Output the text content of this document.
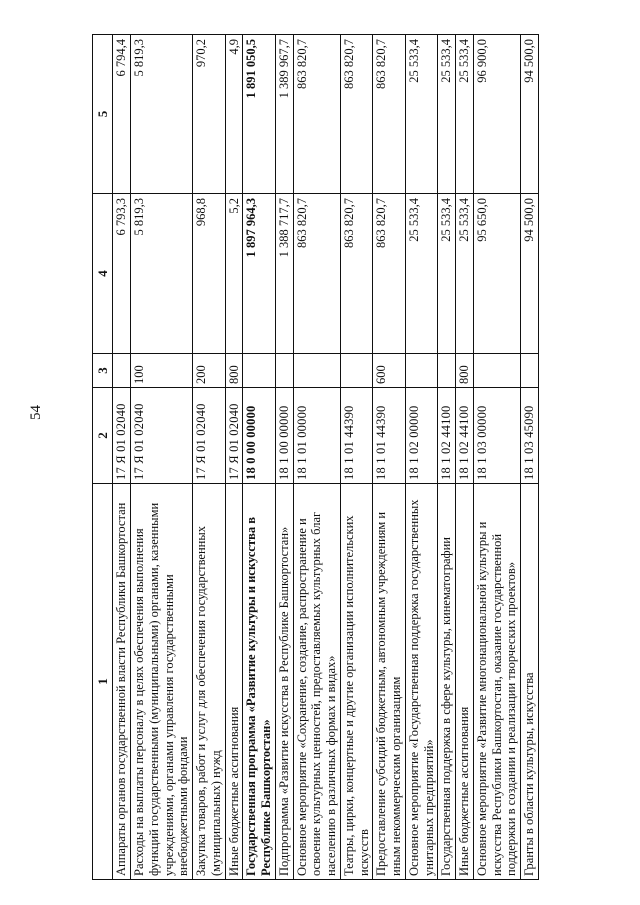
54
1	2	3	4	5
Аппараты органов государственной власти Республики Башкортостан	17 Я 01 02040		6 793,3	6 794,4
Расходы на выплаты персоналу в целях обеспечения выполнения функций государственными (муниципальными) органами, казенными учреждениями, органами управления государственными внебюджетными фондами	17 Я 01 02040	100	5 819,3	5 819,3
Закупка товаров, работ и услуг для обеспечения государственных (муниципальных) нужд	17 Я 01 02040	200	968,8	970,2
Иные бюджетные ассигнования	17 Я 01 02040	800	5,2	4,9
Государственная программа «Развитие культуры и искусства в Республике Башкортостан»	18 0 00 00000		1 897 964,3	1 891 050,5
Подпрограмма «Развитие искусства в Республике Башкортостан»	18 1 00 00000		1 388 717,7	1 389 967,7
Основное мероприятие «Сохранение, создание, распространение и освоение культурных ценностей, предоставляемых культурных благ населению в различных формах и видах»	18 1 01 00000		863 820,7	863 820,7
Театры, цирки, концертные и другие организации исполнительских искусств	18 1 01 44390		863 820,7	863 820,7
Предоставление субсидий бюджетным, автономным учреждениям и иным некоммерческим организациям	18 1 01 44390	600	863 820,7	863 820,7
Основное мероприятие «Государственная поддержка государственных унитарных предприятий»	18 1 02 00000		25 533,4	25 533,4
Государственная поддержка в сфере культуры, кинематографии	18 1 02 44100		25 533,4	25 533,4
Иные бюджетные ассигнования	18 1 02 44100	800	25 533,4	25 533,4
Основное мероприятие «Развитие многонациональной культуры и искусства Республики Башкортостан, оказание государственной поддержки в создании и реализации творческих проектов»	18 1 03 00000		95 650,0	96 900,0
Гранты в области культуры, искусства	18 1 03 45090		94 500,0	94 500,0
